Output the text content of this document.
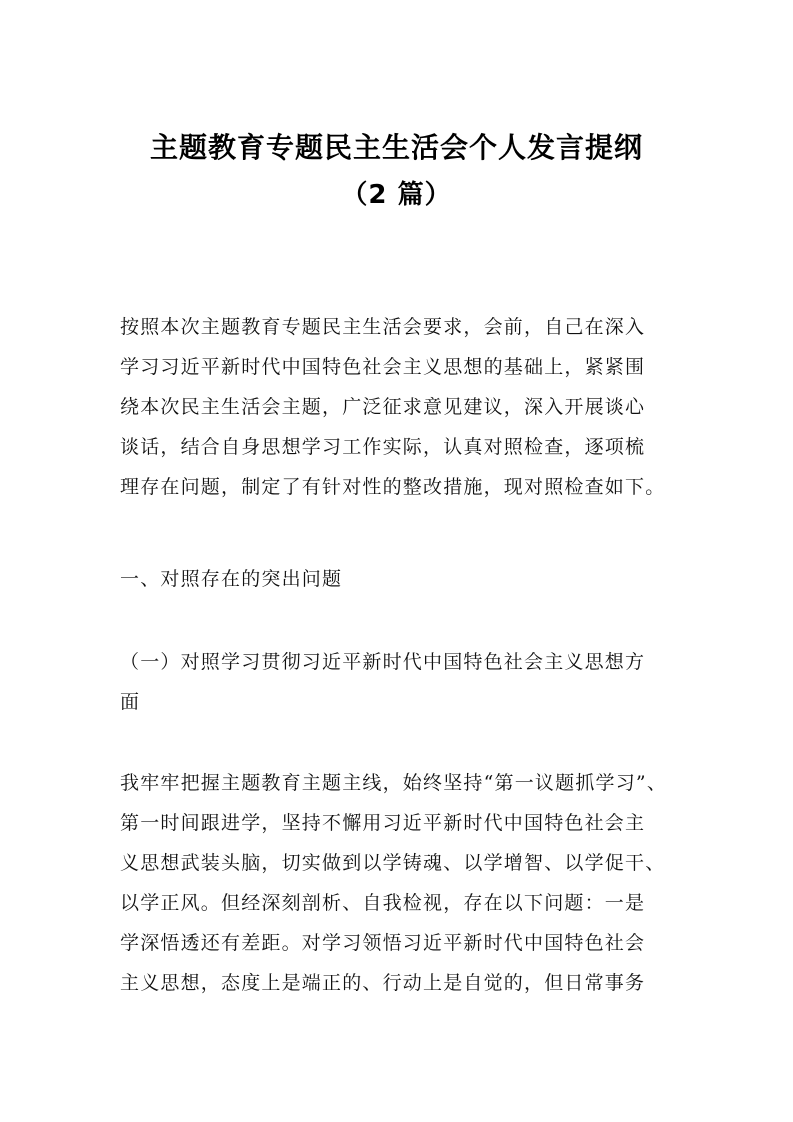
主题教育专题民主生活会个人发言提纲
（2 篇）
按照本次主题教育专题民主生活会要求，会前，自己在深入
学习习近平新时代中国特色社会主义思想的基础上，紧紧围
绕本次民主生活会主题，广泛征求意见建议，深入开展谈心
谈话，结合自身思想学习工作实际，认真对照检查，逐项梳
理存在问题，制定了有针对性的整改措施，现对照检查如下。
一、对照存在的突出问题
（一）对照学习贯彻习近平新时代中国特色社会主义思想方
面
我牢牢把握主题教育主题主线，始终坚持“第一议题抓学习”、
第一时间跟进学，坚持不懈用习近平新时代中国特色社会主
义思想武装头脑，切实做到以学铸魂、以学增智、以学促干、
以学正风。但经深刻剖析、自我检视，存在以下问题：一是
学深悟透还有差距。对学习领悟习近平新时代中国特色社会
主义思想，态度上是端正的、行动上是自觉的，但日常事务
